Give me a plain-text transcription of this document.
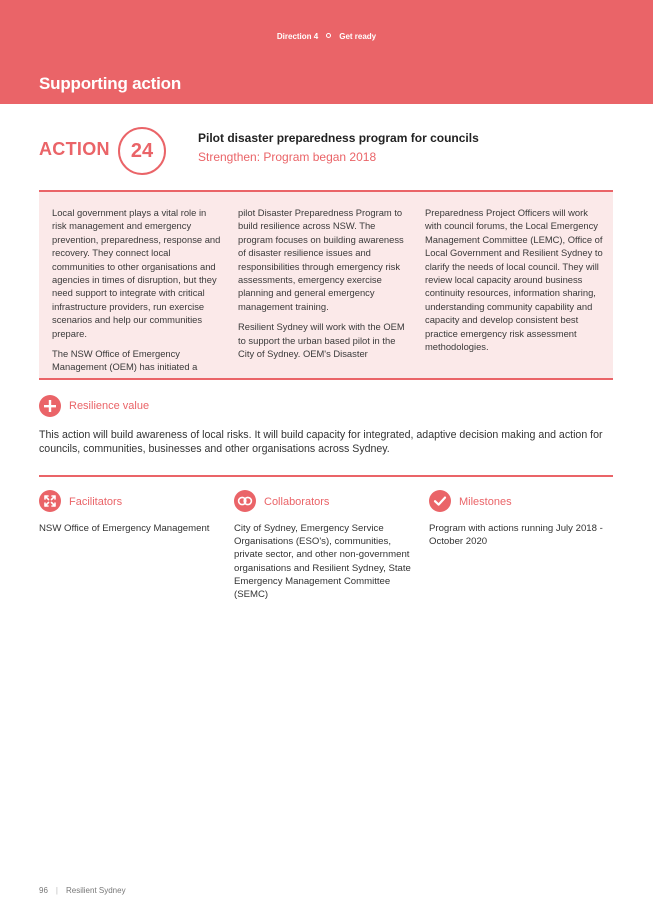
Direction 4	Get ready
Supporting action
ACTION	24
Pilot disaster preparedness program for councils
Strengthen: Program began 2018

Local government plays a vital role in risk management and emergency prevention, preparedness, response and recovery. They connect local communities to other organisations and agencies in times of disruption, but they need support to integrate with critical infrastructure providers, run exercise scenarios and help our communities prepare.

The NSW Office of Emergency Management (OEM) has initiated a

pilot Disaster Preparedness Program to build resilience across NSW. The program focuses on building awareness of disaster resilience issues and responsibilities through emergency risk assessments, emergency exercise planning and general emergency management training.

Resilient Sydney will work with the OEM to support the urban based pilot in the City of Sydney. OEM's Disaster

Preparedness Project Officers will work with council forums, the Local Emergency Management Committee (LEMC), Office of Local Government and Resilient Sydney to clarify the needs of local council. They will review local capacity around business continuity resources, information sharing, understanding community capability and capacity and develop consistent best practice emergency risk assessment methodologies.

Resilience value
This action will build awareness of local risks. It will build capacity for integrated, adaptive decision making and action for councils, communities, businesses and other organisations across Sydney.
Facilitators
NSW Office of Emergency Management
Collaborators
City of Sydney, Emergency Service Organisations (ESO's), communities, private sector, and other non-government organisations and Resilient Sydney, State Emergency Management Committee (SEMC)
Milestones
Program with actions running July 2018 - October 2020
96 | Resilient Sydney
